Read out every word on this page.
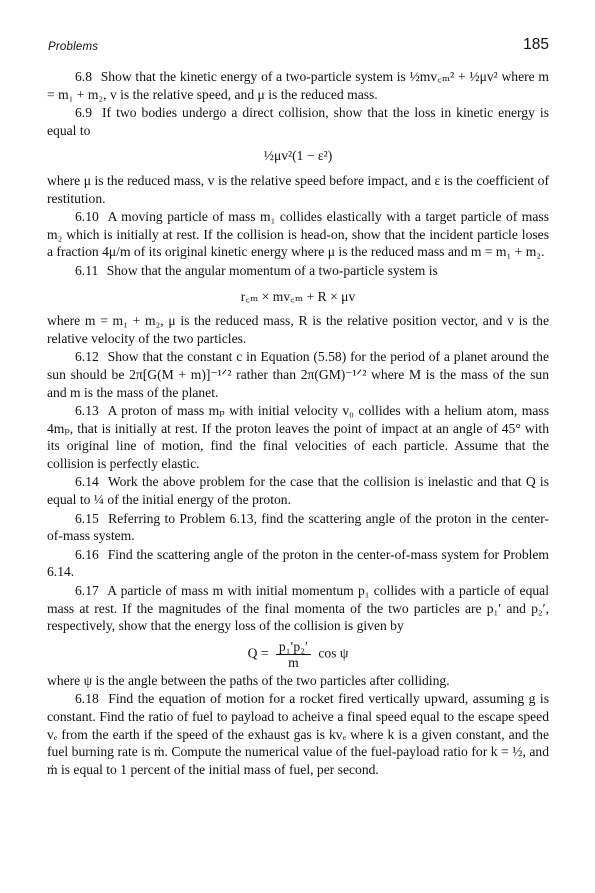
Problems	185

6.8 Show that the kinetic energy of a two-particle system is ½mv꜀ₘ² + ½μv² where m = m₁ + m₂, v is the relative speed, and μ is the reduced mass.

6.9 If two bodies undergo a direct collision, show that the loss in kinetic energy is equal to

½μv²(1 − ε²)

where μ is the reduced mass, v is the relative speed before impact, and ε is the coefficient of restitution.

6.10 A moving particle of mass m₁ collides elastically with a target particle of mass m₂ which is initially at rest. If the collision is head-on, show that the incident particle loses a fraction 4μ/m of its original kinetic energy where μ is the reduced mass and m = m₁ + m₂.

6.11 Show that the angular momentum of a two-particle system is

r꜀ₘ × mv꜀ₘ + R × μv

where m = m₁ + m₂, μ is the reduced mass, R is the relative position vector, and v is the relative velocity of the two particles.

6.12 Show that the constant c in Equation (5.58) for the period of a planet around the sun should be 2π[G(M + m)]⁻¹ᐟ² rather than 2π(GM)⁻¹ᐟ² where M is the mass of the sun and m is the mass of the planet.

6.13 A proton of mass mₚ with initial velocity v₀ collides with a helium atom, mass 4mₚ, that is initially at rest. If the proton leaves the point of impact at an angle of 45° with its original line of motion, find the final velocities of each particle. Assume that the collision is perfectly elastic.

6.14 Work the above problem for the case that the collision is inelastic and that Q is equal to ¼ of the initial energy of the proton.

6.15 Referring to Problem 6.13, find the scattering angle of the proton in the center-of-mass system.

6.16 Find the scattering angle of the proton in the center-of-mass system for Problem 6.14.

6.17 A particle of mass m with initial momentum p₁ collides with a particle of equal mass at rest. If the magnitudes of the final momenta of the two particles are p₁′ and p₂′, respectively, show that the energy loss of the collision is given by

$Q = \frac{\text{p₁′p₂′}}{m}$ cos ψ

where ψ is the angle between the paths of the two particles after colliding.

6.18 Find the equation of motion for a rocket fired vertically upward, assuming g is constant. Find the ratio of fuel to payload to acheive a final speed equal to the escape speed vₑ from the earth if the speed of the exhaust gas is kvₑ where k is a given constant, and the fuel burning rate is ṁ. Compute the numerical value of the fuel-payload ratio for k = ½, and ṁ is equal to 1 percent of the initial mass of fuel, per second.
